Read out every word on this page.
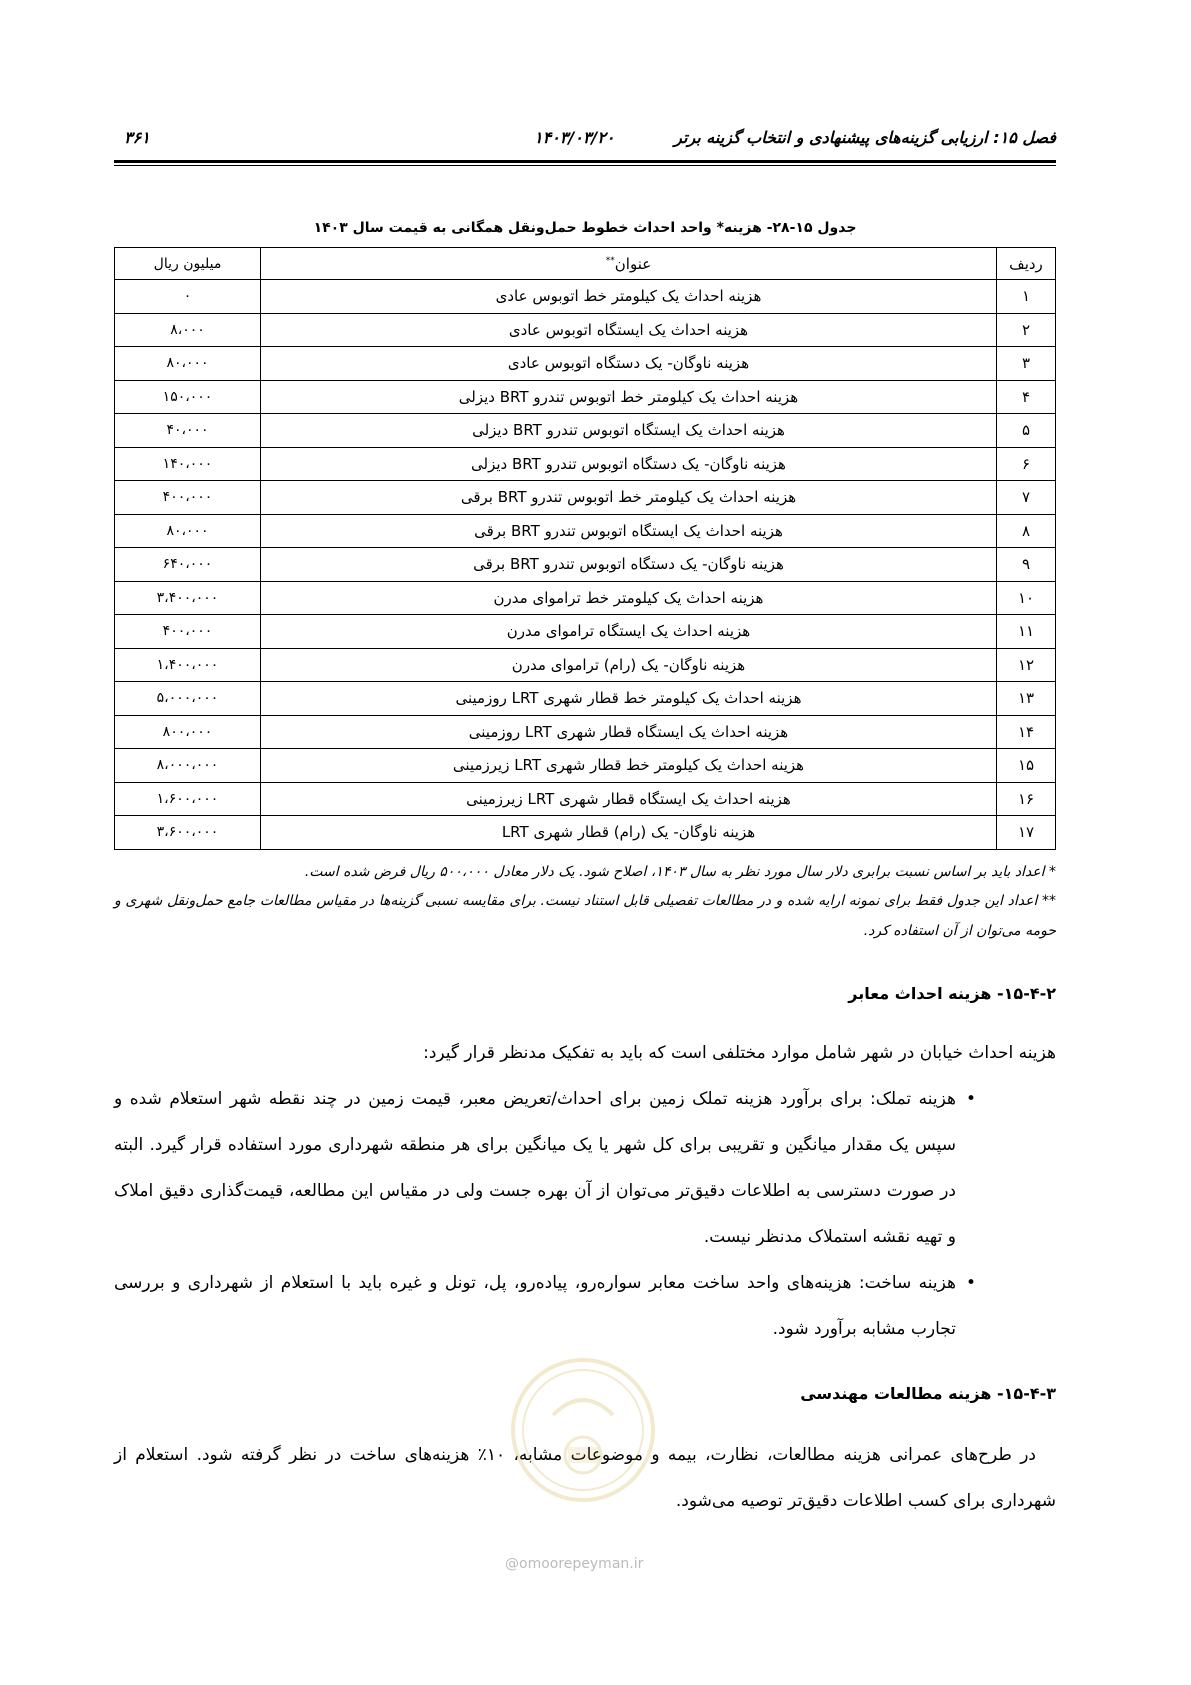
فصل ۱۵: ارزیابی گزینه‌های پیشنهادی و انتخاب گزینه برتر
۱۴۰۳/۰۳/۲۰
۳۶۱
جدول ۱۵-۲۸- هزینه* واحد احداث خطوط حمل‌ونقل همگانی به قیمت سال ۱۴۰۳
ردیف	عنوان**	میلیون ریال
۱	هزینه احداث یک کیلومتر خط اتوبوس عادی	۰
۲	هزینه احداث یک ایستگاه اتوبوس عادی	۸،۰۰۰
۳	هزینه ناوگان- یک دستگاه اتوبوس عادی	۸۰،۰۰۰
۴	هزینه احداث یک کیلومتر خط اتوبوس تندرو BRT دیزلی	۱۵۰،۰۰۰
۵	هزینه احداث یک ایستگاه اتوبوس تندرو BRT دیزلی	۴۰،۰۰۰
۶	هزینه ناوگان- یک دستگاه اتوبوس تندرو BRT دیزلی	۱۴۰،۰۰۰
۷	هزینه احداث یک کیلومتر خط اتوبوس تندرو BRT برقی	۴۰۰،۰۰۰
۸	هزینه احداث یک ایستگاه اتوبوس تندرو BRT برقی	۸۰،۰۰۰
۹	هزینه ناوگان- یک دستگاه اتوبوس تندرو BRT برقی	۶۴۰،۰۰۰
۱۰	هزینه احداث یک کیلومتر خط تراموای مدرن	۳،۴۰۰،۰۰۰
۱۱	هزینه احداث یک ایستگاه تراموای مدرن	۴۰۰،۰۰۰
۱۲	هزینه ناوگان- یک (رام) تراموای مدرن	۱،۴۰۰،۰۰۰
۱۳	هزینه احداث یک کیلومتر خط قطار شهری LRT روزمینی	۵،۰۰۰،۰۰۰
۱۴	هزینه احداث یک ایستگاه قطار شهری LRT روزمینی	۸۰۰،۰۰۰
۱۵	هزینه احداث یک کیلومتر خط قطار شهری LRT زیرزمینی	۸،۰۰۰،۰۰۰
۱۶	هزینه احداث یک ایستگاه قطار شهری LRT زیرزمینی	۱،۶۰۰،۰۰۰
۱۷	هزینه ناوگان- یک (رام) قطار شهری LRT	۳،۶۰۰،۰۰۰
* اعداد باید بر اساس نسبت برابری دلار سال مورد نظر به سال ۱۴۰۳، اصلاح شود. یک دلار معادل ۵۰۰،۰۰۰ ریال فرض شده است.
** اعداد این جدول فقط برای نمونه ارایه شده و در مطالعات تفصیلی قابل استناد نیست. برای مقایسه نسبی گزینه‌ها در مقیاس مطالعات جامع حمل‌ونقل شهری و حومه می‌توان از آن استفاده کرد.
۱۵-۴-۲- هزینه احداث معابر
هزینه احداث خیابان در شهر شامل موارد مختلفی است که باید به تفکیک مدنظر قرار گیرد:
• هزینه تملک: برای برآورد هزینه تملک زمین برای احداث/تعریض معبر، قیمت زمین در چند نقطه شهر استعلام شده و سپس یک مقدار میانگین و تقریبی برای کل شهر یا یک میانگین برای هر منطقه شهرداری مورد استفاده قرار گیرد. البته در صورت دسترسی به اطلاعات دقیق‌تر می‌توان از آن بهره جست ولی در مقیاس این مطالعه، قیمت‌گذاری دقیق املاک و تهیه نقشه استملاک مدنظر نیست.
• هزینه ساخت: هزینه‌های واحد ساخت معابر سواره‌رو، پیاده‌رو، پل، تونل و غیره باید با استعلام از شهرداری و بررسی تجارب مشابه برآورد شود.
۱۵-۴-۳- هزینه مطالعات مهندسی
در طرح‌های عمرانی هزینه مطالعات، نظارت، بیمه و موضوعات مشابه، ۱۰٪ هزینه‌های ساخت در نظر گرفته شود. استعلام از شهرداری برای کسب اطلاعات دقیق‌تر توصیه می‌شود.
@omoorepeyman.ir
